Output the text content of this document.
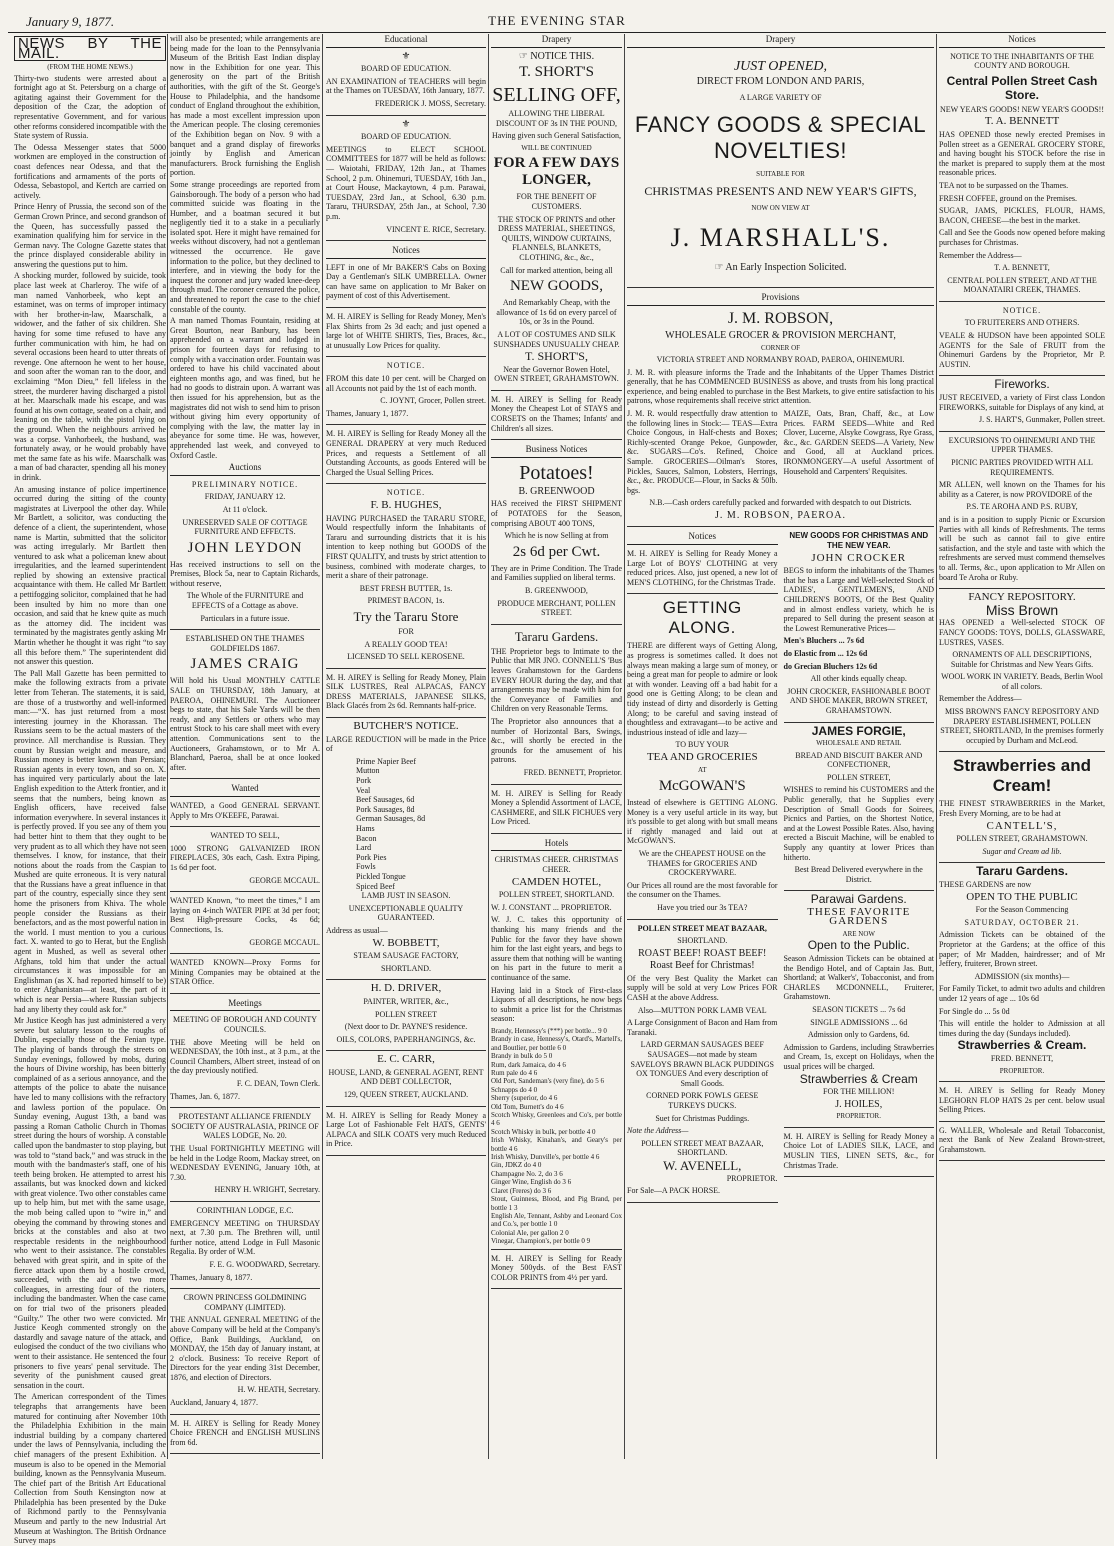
January 9, 1877.	THE EVENING STAR
NEWS BY THE MAIL.
(FROM THE HOME NEWS.)

Thirty-two students were arrested about a fortnight ago at St. Petersburg on a charge of agitating against their Government for the deposition of the Czar, the adoption of representative Government, and for various other reforms considered incompatible with the State system of Russia.

The Odessa Messenger states that 5000 workmen are employed in the construction of coast defences near Odessa, and that the fortifications and armaments of the ports of Odessa, Sebastopol, and Kertch are carried on actively.

Prince Henry of Prussia, the second son of the German Crown Prince, and second grandson of the Queen, has successfully passed the examination qualifying him for service in the German navy. The Cologne Gazette states that the prince displayed considerable ability in answering the questions put to him.

A shocking murder, followed by suicide, took place last week at Charleroy. The wife of a man named Vanhorbeek, who kept an estaminet, was on terms of improper intimacy with her brother-in-law, Maarschalk, a widower, and the father of six children. She having for some time refused to have any further communication with him, he had on several occasions been heard to utter threats of revenge. One afternoon he went to her house, and soon after the woman ran to the door, and exclaiming “Mon Dieu,” fell lifeless in the street, the murderer having discharged a pistol at her. Maarschalk made his escape, and was found at his own cottage, seated on a chair, and leaning on the table, with the pistol lying on the ground. When the neighbours arrived he was a corpse. Vanhorbeek, the husband, was fortunately away, or he would probably have met the same fate as his wife. Maarschalk was a man of bad character, spending all his money in drink.

An amusing instance of police impertinence occurred during the sitting of the county magistrates at Liverpool the other day. While Mr Bartlett, a solicitor, was conducting the defence of a client, the superintendent, whose name is Martin, submitted that the solicitor was acting irregularly. Mr Bartlett then ventured to ask what a policeman knew about irregularities, and the learned superintendent replied by showing an extensive practical acquaintance with them. He called Mr Bartlett a pettifogging solicitor, complained that he had been insulted by him no more than one occasion, and said that he knew quite as much as the attorney did. The incident was terminated by the magistrates gently asking Mr Martin whether he thought it was right “to say all this before them.” The superintendent did not answer this question.

The Pall Mall Gazette has been permitted to make the following extracts from a private letter from Teheran. The statements, it is said, are those of a trustworthy and well-informed man:—“X. has just returned from a most interesting journey in the Khorassan. The Russians seem to be the actual masters of the province. All merchandise is Russian. They count by Russian weight and measure, and Russian money is better known than Persian; Russian agents in every town, and so on. X. has inquired very particularly about the late English expedition to the Atterk frontier, and it seems that the numbers, being known as English officers, have received false information everywhere. In several instances it is perfectly proved. If you see any of them you had better hint to them that they ought to be very prudent as to all which they have not seen themselves. I know, for instance, that their notions about the roads from the Caspian to Mushed are quite erroneous. It is very natural that the Russians have a great influence in that part of the country, especially since they sent home the prisoners from Khiva. The whole people consider the Russians as their benefactors, and as the most powerful nation in the world. I must mention to you a curious fact. X. wanted to go to Herat, but the English agent in Mushed, as well as several other Afghans, told him that under the actual circumstances it was impossible for an Englishman (as X. had reported himself to be) to enter Afghanistan—at least, the part of it which is near Persia—where Russian subjects had any liberty they could ask for.”

Mr Justice Keogh has just administered a very severe but salutary lesson to the roughs of Dublin, especially those of the Fenian type. The playing of bands through the streets on Sunday evenings, followed by mobs, during the hours of Divine worship, has been bitterly complained of as a serious annoyance, and the attempts of the police to abate the nuisance have led to many collisions with the refractory and lawless portion of the populace. On Sunday evening, August 13th, a band was passing a Roman Catholic Church in Thomas street during the hours of worship. A constable called upon the bandmaster to stop playing, but was told to “stand back,” and was struck in the mouth with the bandmaster's staff, one of his teeth being broken. He attempted to arrest his assailants, but was knocked down and kicked with great violence. Two other constables came up to help him, but met with the same usage, the mob being called upon to “wire in,” and obeying the command by throwing stones and bricks at the constables and also at two respectable residents in the neighbourhood who went to their assistance. The constables behaved with great spirit, and in spite of the fierce attack upon them by a hostile crowd, succeeded, with the aid of two more colleagues, in arresting four of the rioters, including the bandmaster. When the case came on for trial two of the prisoners pleaded “Guilty.” The other two were convicted. Mr Justice Keogh commented strongly on the dastardly and savage nature of the attack, and eulogised the conduct of the two civilians who went to their assistance. He sentenced the four prisoners to five years' penal servitude. The severity of the punishment caused great sensation in the court.

The American correspondent of the Times telegraphs that arrangements have been matured for continuing after November 10th the Philadelphia Exhibition in the main industrial building by a company chartered under the laws of Pennsylvania, including the chief managers of the present Exhibition. A museum is also to be opened in the Memorial building, known as the Pennsylvania Museum. The chief part of the British Art Educational Collection from South Kensington now at Philadelphia has been presented by the Duke of Richmond partly to the Pennsylvania Museum and partly to the new Industrial Art Museum at Washington. The British Ordnance Survey maps

will also be presented; while arrangements are being made for the loan to the Pennsylvania Museum of the British East Indian display now in the Exhibition for one year. This generosity on the part of the British authorities, with the gift of the St. George's House to Philadelphia, and the handsome conduct of England throughout the exhibition, has made a most excellent impression upon the American people. The closing ceremonies of the Exhibition began on Nov. 9 with a banquet and a grand display of fireworks jointly by English and American manufacturers. Brock furnishing the English portion.

Some strange proceedings are reported from Gainsborough. The body of a person who had committed suicide was floating in the Humber, and a boatman secured it but negligently tied it to a stake in a peculiarly isolated spot. Here it might have remained for weeks without discovery, had not a gentleman witnessed the occurrence. He gave information to the police, but they declined to interfere, and in viewing the body for the inquest the coroner and jury waded knee-deep through mud. The coroner censured the police, and threatened to report the case to the chief constable of the county.

A man named Thomas Fountain, residing at Great Bourton, near Banbury, has been apprehended on a warrant and lodged in prison for fourteen days for refusing to comply with a vaccination order. Fountain was ordered to have his child vaccinated about eighteen months ago, and was fined, but he had no goods to distrain upon. A warrant was then issued for his apprehension, but as the magistrates did not wish to send him to prison without giving him every opportunity of complying with the law, the matter lay in abeyance for some time. He was, however, apprehended last week, and conveyed to Oxford Castle.

Auctions

PRELIMINARY NOTICE.

FRIDAY, JANUARY 12.

At 11 o'clock.

UNRESERVED SALE OF COTTAGE FURNITURE AND EFFECTS.

JOHN LEYDON

Has received instructions to sell on the Premises, Block 5a, near to Captain Richards, without reserve,

The Whole of the FURNITURE and EFFECTS of a Cottage as above.

Particulars in a future issue.

ESTABLISHED ON THE THAMES GOLDFIELDS 1867.

JAMES CRAIG

Will hold his Usual MONTHLY CATTLE SALE on THURSDAY, 18th January, at PAEROA, OHINEMURI. The Auctioneer begs to state, that his Sale Yards will be then ready, and any Settlers or others who may entrust Stock to his care shall meet with every attention. Communications sent to the Auctioneers, Grahamstown, or to Mr A. Blanchard, Paeroa, shall be at once looked after.

Wanted

WANTED, a Good GENERAL SERVANT. Apply to Mrs O'KEEFE, Parawai.

WANTED TO SELL,

1000 STRONG GALVANIZED IRON FIREPLACES, 30s each, Cash. Extra Piping, 1s 6d per foot.

GEORGE MCCAUL.

WANTED Known, “to meet the times,” I am laying on 4-inch WATER PIPE at 3d per foot; Best High-pressure Cocks, 4s 6d; Connections, 1s.

GEORGE MCCAUL.

WANTED KNOWN—Proxy Forms for Mining Companies may be obtained at the STAR Office.

Meetings

MEETING OF BOROUGH AND COUNTY COUNCILS.

THE above Meeting will be held on WEDNESDAY, the 10th inst., at 3 p.m., at the Council Chambers, Albert street, instead of on the day previously notified.

F. C. DEAN, Town Clerk.

Thames, Jan. 6, 1877.

PROTESTANT ALLIANCE FRIENDLY SOCIETY OF AUSTRALASIA, PRINCE OF WALES LODGE, No. 20.

THE Usual FORTNIGHTLY MEETING will be held in the Lodge Room, Mackay street, on WEDNESDAY EVENING, January 10th, at 7.30.

HENRY H. WRIGHT, Secretary.

CORINTHIAN LODGE, E.C.

EMERGENCY MEETING on THURSDAY next, at 7.30 p.m. The Brethren will, until further notice, attend Lodge in Full Masonic Regalia. By order of W.M.

F. E. G. WOODWARD, Secretary.

Thames, January 8, 1877.

CROWN PRINCESS GOLDMINING COMPANY (LIMITED).

THE ANNUAL GENERAL MEETING of the above Company will be held at the Company's Office, Bank Buildings, Auckland, on MONDAY, the 15th day of January instant, at 2 o'clock. Business: To receive Report of Directors for the year ending 31st December, 1876, and election of Directors.

H. W. HEATH, Secretary.

Auckland, January 4, 1877.

M. H. AIREY is Selling for Ready Money Choice FRENCH and ENGLISH MUSLINS from 6d.

Educational

⚜

BOARD OF EDUCATION.

AN EXAMINATION of TEACHERS will begin at the Thames on TUESDAY, 16th January, 1877.

FREDERICK J. MOSS, Secretary.

⚜

BOARD OF EDUCATION.

MEETINGS to ELECT SCHOOL COMMITTEES for 1877 will be held as follows:— Waiotahi, FRIDAY, 12th Jan., at Thames School, 2 p.m. Ohinemuri, TUESDAY, 16th Jan., at Court House, Mackaytown, 4 p.m. Parawai, TUESDAY, 23rd Jan., at School, 6.30 p.m. Tararu, THURSDAY, 25th Jan., at School, 7.30 p.m.

VINCENT E. RICE, Secretary.

Notices

LEFT in one of Mr BAKER'S Cabs on Boxing Day a Gentleman's SILK UMBRELLA. Owner can have same on application to Mr Baker on payment of cost of this Advertisement.

M. H. AIREY is Selling for Ready Money, Men's Flax Shirts from 2s 3d each; and just opened a large lot of WHITE SHIRTS, Ties, Braces, &c., at unusually Low Prices for quality.

NOTICE.

FROM this date 10 per cent. will be Charged on all Accounts not paid by the 1st of each month.

C. JOYNT, Grocer, Pollen street.

Thames, January 1, 1877.

M. H. AIREY is Selling for Ready Money all the GENERAL DRAPERY at very much Reduced Prices, and requests a Settlement of all Outstanding Accounts, as goods Entered will be Charged the Usual Selling Prices.

NOTICE.

F. B. HUGHES,

HAVING PURCHASED the TARARU STORE, Would respectfully inform the Inhabitants of Tararu and surrounding districts that it is his intention to keep nothing but GOODS of the FIRST QUALITY, and trusts by strict attention to business, combined with moderate charges, to merit a share of their patronage.

BEST FRESH BUTTER, 1s.

PRIMEST BACON, 1s.

Try the Tararu Store

FOR

A REALLY GOOD TEA!

LICENSED TO SELL KEROSENE.

M. H. AIREY is Selling for Ready Money, Plain SILK LUSTRES, Real ALPACAS, FANCY DRESS MATERIALS, JAPANESE SILKS, Black Glacés from 2s 6d. Remnants half-price.

BUTCHER'S NOTICE.

LARGE REDUCTION will be made in the Price of

Prime Napier Beef
Mutton
Pork
Veal
Beef Sausages, 6d
Pork Sausages, 8d
German Sausages, 8d
Hams
Bacon
Lard
Pork Pies
Fowls
Pickled Tongue
Spiced Beef

LAMB JUST IN SEASON.

UNEXCEPTIONABLE QUALITY GUARANTEED.

Address as usual—

W. BOBBETT,

STEAM SAUSAGE FACTORY,

SHORTLAND.

H. D. DRIVER,

PAINTER, WRITER, &c.,

POLLEN STREET

(Next door to Dr. PAYNE'S residence.

OILS, COLORS, PAPERHANGINGS, &c.

E. C. CARR,

HOUSE, LAND, & GENERAL AGENT, RENT AND DEBT COLLECTOR,

129, QUEEN STREET, AUCKLAND.

M. H. AIREY is Selling for Ready Money a Large Lot of Fashionable Felt HATS, GENTS' ALPACA and SILK COATS very much Reduced in Price.

Drapery

☞ NOTICE THIS.

T. SHORT'S

SELLING OFF,

ALLOWING THE LIBERAL DISCOUNT OF 3s IN THE POUND,

Having given such General Satisfaction,

WILL BE CONTINUED

FOR A FEW DAYS LONGER,

FOR THE BENEFIT OF CUSTOMERS.

THE STOCK OF PRINTS and other DRESS MATERIAL, SHEETINGS, QUILTS, WINDOW CURTAINS, FLANNELS, BLANKETS, CLOTHING, &c., &c.,

Call for marked attention, being all

NEW GOODS,

And Remarkably Cheap, with the allowance of 1s 6d on every parcel of 10s, or 3s in the Pound.

A LOT OF COSTUMES AND SILK SUNSHADES UNUSUALLY CHEAP.

T. SHORT'S,

Near the Governor Bowen Hotel, OWEN STREET, GRAHAMSTOWN.

M. H. AIREY is Selling for Ready Money the Cheapest Lot of STAYS and CORSETS on the Thames; Infants' and Children's all sizes.

Business Notices

Potatoes!

B. GREENWOOD

HAS received the FIRST SHIPMENT of POTATOES for the Season, comprising ABOUT 400 TONS,

Which he is now Selling at from

2s 6d per Cwt.

They are in Prime Condition. The Trade and Families supplied on liberal terms.

B. GREENWOOD,

PRODUCE MERCHANT, POLLEN STREET.

Tararu Gardens.

THE Proprietor begs to Intimate to the Public that MR JNO. CONNELL'S 'Bus leaves Grahamstown for the Gardens EVERY HOUR during the day, and that arrangements may be made with him for the Conveyance of Families and Children on very Reasonable Terms.

The Proprietor also announces that a number of Horizontal Bars, Swings, &c., will shortly be erected in the grounds for the amusement of his patrons.

FRED. BENNETT, Proprietor.

M. H. AIREY is Selling for Ready Money a Splendid Assortment of LACE, CASHMERE, and SILK FICHUES very Low Priced.

Hotels

CHRISTMAS CHEER. CHRISTMAS CHEER.

CAMDEN HOTEL,

POLLEN STREET, SHORTLAND.

W. J. CONSTANT ... PROPRIETOR.

W. J. C. takes this opportunity of thanking his many friends and the Public for the favor they have shown him for the last eight years, and begs to assure them that nothing will be wanting on his part in the future to merit a continuance of the same.

Having laid in a Stock of First-class Liquors of all descriptions, he now begs to submit a price list for the Christmas season:

Brandy, Hennessy's (***) per bottle... 9 0
Brandy in case, Hennessy's, Otard's, Martell's, and Boutlier, per bottle 6 0
Brandy in bulk do 5 0
Rum, dark Jamaica, do 4 6
Rum pale do 4 6
Old Port, Sandeman's (very fine), do 5 6
Schnapps do 4 0
Sherry (superior, do 4 6
Old Tom, Burnett's do 4 6
Scotch Whisky, Greenlees and Co's, per bottle 4 6
Scotch Whisky in bulk, per bottle 4 0
Irish Whisky, Kinahan's, and Geary's per bottle 4 6
Irish Whisky, Dunville's, per bottle 4 6
Gin, JDKZ do 4 0
Champagne No. 2, do 3 6
Ginger Wine, English do 3 6
Claret (Freres) do 3 6
Stout, Guinness, Blood, and Pig Brand, per bottle 1 3
English Ale, Tennant, Ashby and Leonard Cox and Co.'s, per bottle 1 0
Colonial Ale, per gallon 2 0
Vinegar, Champion's, per bottle 0 9

M. H. AIREY is Selling for Ready Money 500yds. of the Best FAST COLOR PRINTS from 4½ per yard.

Drapery

JUST OPENED,

DIRECT FROM LONDON AND PARIS,

A LARGE VARIETY OF

FANCY GOODS & SPECIAL NOVELTIES!

SUITABLE FOR

CHRISTMAS PRESENTS AND NEW YEAR'S GIFTS,

NOW ON VIEW AT

J. MARSHALL'S.

☞ An Early Inspection Solicited.

Provisions

J. M. ROBSON,

WHOLESALE GROCER & PROVISION MERCHANT,

CORNER OF

VICTORIA STREET AND NORMANBY ROAD, PAEROA, OHINEMURI.

J. M. R. with pleasure informs the Trade and the Inhabitants of the Upper Thames District generally, that he has COMMENCED BUSINESS as above, and trusts from his long practical experience, and being enabled to purchase in the Best Markets, to give entire satisfaction to his patrons, whose requirements shall receive strict attention.

J. M. R. would respectfully draw attention to the following lines in Stock:— TEAS—Extra Choice Congous, in Half-chests and Boxes; Richly-scented Orange Pekoe, Gunpowder, &c. SUGARS—Co's. Refined, Choice Sample. GROCERIES—Oilman's Stores, Pickles, Sauces, Salmon, Lobsters, Herrings, &c., &c. PRODUCE—Flour, in Sacks & 50lb. bgs.

MAIZE, Oats, Bran, Chaff, &c., at Low Prices. FARM SEEDS—White and Red Clover, Lucerne, Alsyke Cowgrass, Rye Grass, &c., &c. GARDEN SEEDS—A Variety, New and Good, all at Auckland prices. IRONMONGERY—A useful Assortment of Household and Carpenters' Requisites.

N.B.—Cash orders carefully packed and forwarded with despatch to out Districts.

J. M. ROBSON, PAEROA.

Notices

M. H. AIREY is Selling for Ready Money a Large Lot of BOYS' CLOTHING at very reduced prices. Also, just opened, a new lot of MEN'S CLOTHING, for the Christmas Trade.

GETTING ALONG.

THERE are different ways of Getting Along, as progress is sometimes called. It does not always mean making a large sum of money, or being a great man for people to admire or look at with wonder. Leaving off a bad habit for a good one is Getting Along; to be clean and tidy instead of dirty and disorderly is Getting Along; to be careful and saving instead of thoughtless and extravagant—to be active and industrious instead of idle and lazy—

TO BUY YOUR

TEA AND GROCERIES

AT

McGOWAN'S

Instead of elsewhere is GETTING ALONG. Money is a very useful article in its way, but it's possible to get along with but small means if rightly managed and laid out at McGOWAN'S.

We are the CHEAPEST HOUSE on the THAMES for GROCERIES AND CROCKERYWARE.

Our Prices all round are the most favorable for the consumer on the Thames.

Have you tried our 3s TEA?

POLLEN STREET MEAT BAZAAR,

SHORTLAND.

ROAST BEEF! ROAST BEEF!

Roast Beef for Christmas!

Of the very Best Quality the Market can supply will be sold at very Low Prices FOR CASH at the above Address.

Also—MUTTON PORK LAMB VEAL

A Large Consignment of Bacon and Ham from Taranaki.

LARD GERMAN SAUSAGES BEEF SAUSAGES—not made by steam SAVELOYS BRAWN BLACK PUDDINGS OX TONGUES And every description of Small Goods.

CORNED PORK FOWLS GEESE TURKEYS DUCKS.

Suet for Christmas Puddings.

Note the Address—

POLLEN STREET MEAT BAZAAR, SHORTLAND.

W. AVENELL,

PROPRIETOR.

For Sale—A PACK HORSE.

NEW GOODS FOR CHRISTMAS AND THE NEW YEAR.

JOHN CROCKER

BEGS to inform the inhabitants of the Thames that he has a Large and Well-selected Stock of LADIES', GENTLEMEN'S, AND CHILDREN'S BOOTS, Of the Best Quality and in almost endless variety, which he is prepared to Sell during the present season at the Lowest Remunerative Prices—

Men's Bluchers ... 7s 6d

do Elastic from ... 12s 6d

do Grecian Bluchers 12s 6d

All other kinds equally cheap.

JOHN CROCKER, FASHIONABLE BOOT AND SHOE MAKER, BROWN STREET, GRAHAMSTOWN.

JAMES FORGIE,

WHOLESALE AND RETAIL

BREAD AND BISCUIT BAKER AND CONFECTIONER,

POLLEN STREET,

WISHES to remind his CUSTOMERS and the Public generally, that he Supplies every Description of Small Goods for Soirees, Picnics and Parties, on the Shortest Notice, and at the Lowest Possible Rates. Also, having erected a Biscuit Machine, will be enabled to Supply any quantity at lower Prices than hitherto.

Best Bread Delivered everywhere in the District.

Parawai Gardens.

THESE FAVORITE GARDENS

ARE NOW

Open to the Public.

Season Admission Tickets can be obtained at the Bendigo Hotel, and of Captain Jas. Butt, Shortland; at Walker's', Tobacconist, and from CHARLES MCDONNELL, Fruiterer, Grahamstown.

SEASON TICKETS ... 7s 6d

SINGLE ADMISSIONS ... 6d

Admission only to Gardens, 6d.

Admission to Gardens, including Strawberries and Cream, 1s, except on Holidays, when the usual prices will be charged.

Strawberries & Cream

FOR THE MILLION!

J. HOILES,

PROPRIETOR.

M. H. AIREY is Selling for Ready Money a Choice Lot of LADIES SILK, LACE, and MUSLIN TIES, LINEN SETS, &c., for Christmas Trade.

Notices

NOTICE TO THE INHABITANTS OF THE COUNTY AND BOROUGH.

Central Pollen Street Cash Store.

NEW YEAR'S GOODS! NEW YEAR'S GOODS!!

T. A. BENNETT

HAS OPENED those newly erected Premises in Pollen street as a GENERAL GROCERY STORE, and having bought his STOCK before the rise in the market is prepared to supply them at the most reasonable prices.

TEA not to be surpassed on the Thames.

FRESH COFFEE, ground on the Premises.

SUGAR, JAMS, PICKLES, FLOUR, HAMS, BACON, CHEESE—the best in the market.

Call and See the Goods now opened before making purchases for Christmas.

Remember the Address—

T. A. BENNETT,

CENTRAL POLLEN STREET, AND AT THE MOANATAIRI CREEK, THAMES.

NOTICE.

TO FRUITERERS AND OTHERS.

VEALE & HUDSON have been appointed SOLE AGENTS for the Sale of FRUIT from the Ohinemuri Gardens by the Proprietor, Mr P. AUSTIN.

Fireworks.

JUST RECEIVED, a variety of First class London FIREWORKS, suitable for Displays of any kind, at

J. S. HART'S, Gunmaker, Pollen street.

EXCURSIONS TO OHINEMURI AND THE UPPER THAMES.

PICNIC PARTIES PROVIDED WITH ALL REQUIREMENTS.

MR ALLEN, well known on the Thames for his ability as a Caterer, is now PROVIDORE of the

P.S. TE AROHA AND P.S. RUBY,

and is in a position to supply Picnic or Excursion Parties with all kinds of Refreshments. The terms will be such as cannot fail to give entire satisfaction, and the style and taste with which the refreshments are served must commend themselves to all. Terms, &c., upon application to Mr Allen on board Te Aroha or Ruby.

FANCY REPOSITORY.

Miss Brown

HAS OPENED a Well-selected STOCK OF FANCY GOODS: TOYS, DOLLS, GLASSWARE, LUSTRES, VASES.

ORNAMENTS OF ALL DESCRIPTIONS, Suitable for Christmas and New Years Gifts.

WOOL WORK IN VARIETY. Beads, Berlin Wool of all colors.

Remember the Address—

MISS BROWN'S FANCY REPOSITORY AND DRAPERY ESTABLISHMENT, POLLEN STREET, SHORTLAND, In the premises formerly occupied by Durham and McLeod.

Strawberries and Cream!

THE FINEST STRAWBERRIES in the Market, Fresh Every Morning, are to be had at

CANTELL'S,

POLLEN STREET, GRAHAMSTOWN.

Sugar and Cream ad lib.

Tararu Gardens.

THESE GARDENS are now

OPEN TO THE PUBLIC

For the Season Commencing

SATURDAY, OCTOBER 21.

Admission Tickets can be obtained of the Proprietor at the Gardens; at the office of this paper; of Mr Madden, hairdresser; and of Mr Jeffery, fruiterer, Brown street.

ADMISSION (six months)—

For Family Ticket, to admit two adults and children under 12 years of age ... 10s 6d

For Single do ... 5s 0d

This will entitle the holder to Admission at all times during the day (Sundays included).

Strawberries & Cream.

FRED. BENNETT,

PROPRIETOR.

M. H. AIREY is Selling for Ready Money LEGHORN FLOP HATS 2s per cent. below usual Selling Prices.

G. WALLER, Wholesale and Retail Tobacconist, next the Bank of New Zealand Brown-street, Grahamstown.
